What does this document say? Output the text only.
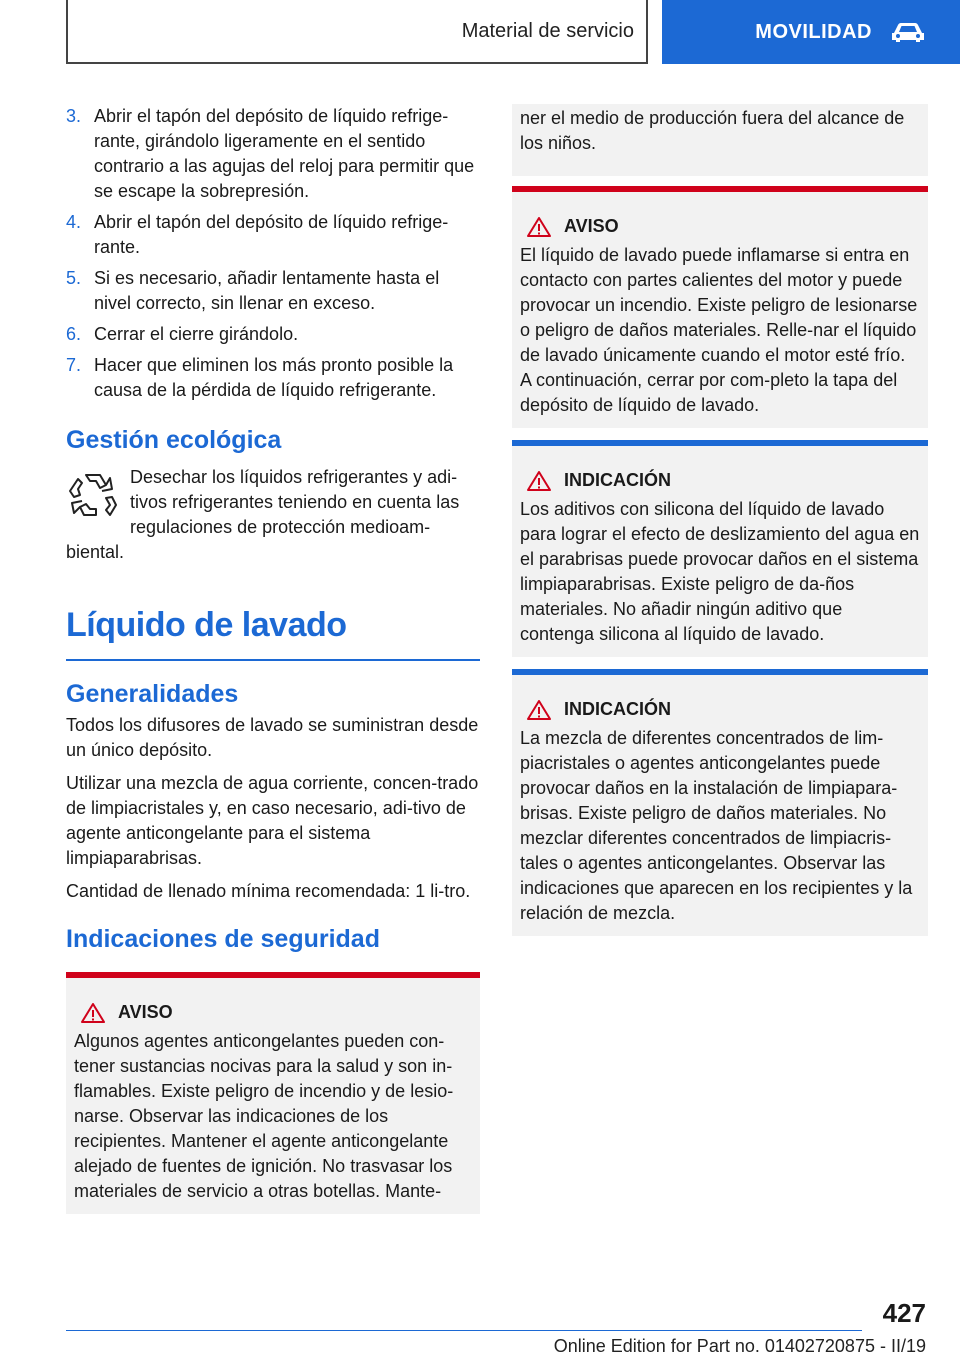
Material de servicio	MOVILIDAD
3. Abrir el tapón del depósito de líquido refrige-rante, girándolo ligeramente en el sentido contrario a las agujas del reloj para permitir que se escape la sobrepresión.
4. Abrir el tapón del depósito de líquido refrige-rante.
5. Si es necesario, añadir lentamente hasta el nivel correcto, sin llenar en exceso.
6. Cerrar el cierre girándolo.
7. Hacer que eliminen los más pronto posible la causa de la pérdida de líquido refrigerante.
Gestión ecológica
Desechar los líquidos refrigerantes y adi-tivos refrigerantes teniendo en cuenta las regulaciones de protección medioam-biental.
Líquido de lavado
Generalidades

Todos los difusores de lavado se suministran desde un único depósito.

Utilizar una mezcla de agua corriente, concen-trado de limpiacristales y, en caso necesario, adi-tivo de agente anticongelante para el sistema limpiaparabrisas.

Cantidad de llenado mínima recomendada: 1 li-tro.

Indicaciones de seguridad
AVISO
Algunos agentes anticongelantes pueden con-tener sustancias nocivas para la salud y son in-flamables. Existe peligro de incendio y de lesio-narse. Observar las indicaciones de los recipientes. Mantener el agente anticongelante alejado de fuentes de ignición. No trasvasar los materiales de servicio a otras botellas. Mante-
ner el medio de producción fuera del alcance de los niños.
AVISO
El líquido de lavado puede inflamarse si entra en contacto con partes calientes del motor y puede provocar un incendio. Existe peligro de lesionarse o peligro de daños materiales. Relle-nar el líquido de lavado únicamente cuando el motor esté frío. A continuación, cerrar por com-pleto la tapa del depósito de líquido de lavado.
INDICACIÓN
Los aditivos con silicona del líquido de lavado para lograr el efecto de deslizamiento del agua en el parabrisas puede provocar daños en el sistema limpiaparabrisas. Existe peligro de da-ños materiales. No añadir ningún aditivo que contenga silicona al líquido de lavado.
INDICACIÓN
La mezcla de diferentes concentrados de lim-piacristales o agentes anticongelantes puede provocar daños en la instalación de limpiapara-brisas. Existe peligro de daños materiales. No mezclar diferentes concentrados de limpiacris-tales o agentes anticongelantes. Observar las indicaciones que aparecen en los recipientes y la relación de mezcla.
427
Online Edition for Part no. 01402720875 - II/19
